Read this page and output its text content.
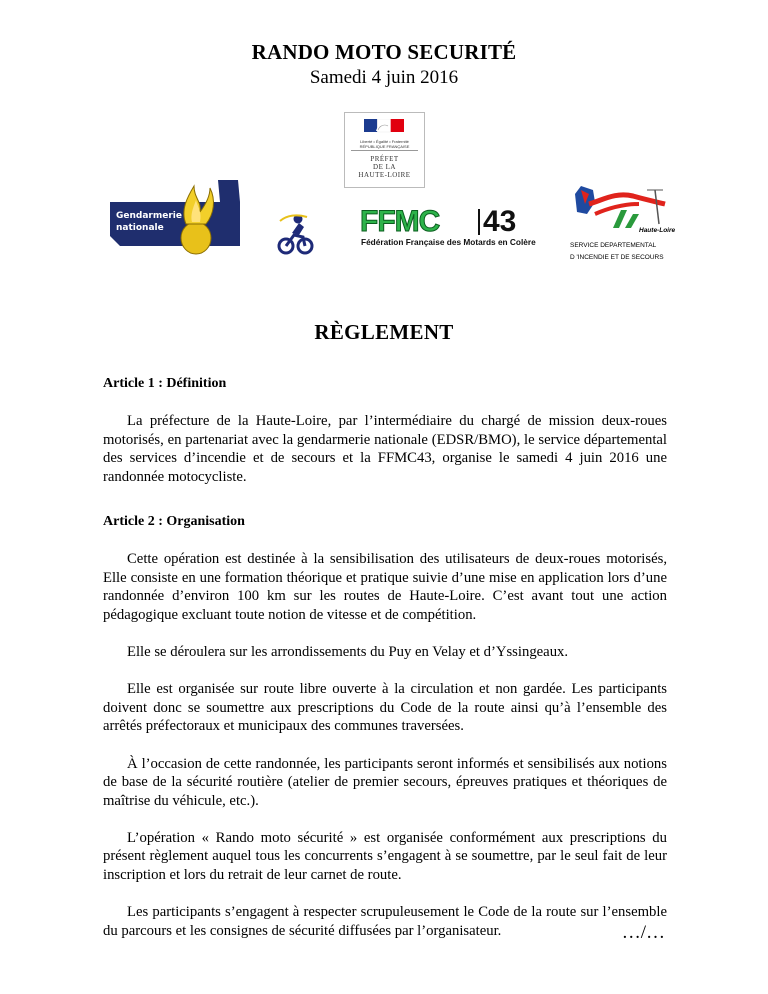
RANDO MOTO SECURITÉ
Samedi 4 juin 2016
Liberté • Égalité • Fraternité
RÉPUBLIQUE FRANÇAISE
PRÉFET
DE LA
HAUTE-LOIRE
Gendarmerie
nationale	FFMC 43
Fédération Française des Motards en Colère
Haute-Loire
SERVICE DEPARTEMENTAL
D 'INCENDIE ET DE SECOURS
RÈGLEMENT

Article 1 : Définition

La préfecture de la Haute-Loire, par l’intermédiaire du chargé de mission deux-roues motorisés, en partenariat avec la gendarmerie nationale (EDSR/BMO), le service départemental des services d’incendie et de secours et la FFMC43, organise le samedi 4 juin 2016 une randonnée motocycliste.

Article 2 : Organisation

Cette opération est destinée à la sensibilisation des utilisateurs de deux-roues motorisés, Elle consiste en une formation théorique et pratique suivie d’une mise en application lors d’une randonnée d’environ 100 km sur les routes de Haute-Loire. C’est avant tout une action pédagogique excluant toute notion de vitesse et de compétition.

Elle se déroulera sur les arrondissements du Puy en Velay et d’Yssingeaux.

Elle est organisée sur route libre ouverte à la circulation et non gardée. Les participants doivent donc se soumettre aux prescriptions du Code de la route ainsi qu’à l’ensemble des arrêtés préfectoraux et municipaux des communes traversées.

À l’occasion de cette randonnée, les participants seront informés et sensibilisés aux notions de base de la sécurité routière (atelier de premier secours, épreuves pratiques et théoriques de maîtrise du véhicule, etc.).

L’opération « Rando moto sécurité » est organisée conformément aux prescriptions du présent règlement auquel tous les concurrents s’engagent à se soumettre, par le seul fait de leur inscription et lors du retrait de leur carnet de route.

Les participants s’engagent à respecter scrupuleusement le Code de la route sur l’ensemble du parcours et les consignes de sécurité diffusées par l’organisateur.	…/…
